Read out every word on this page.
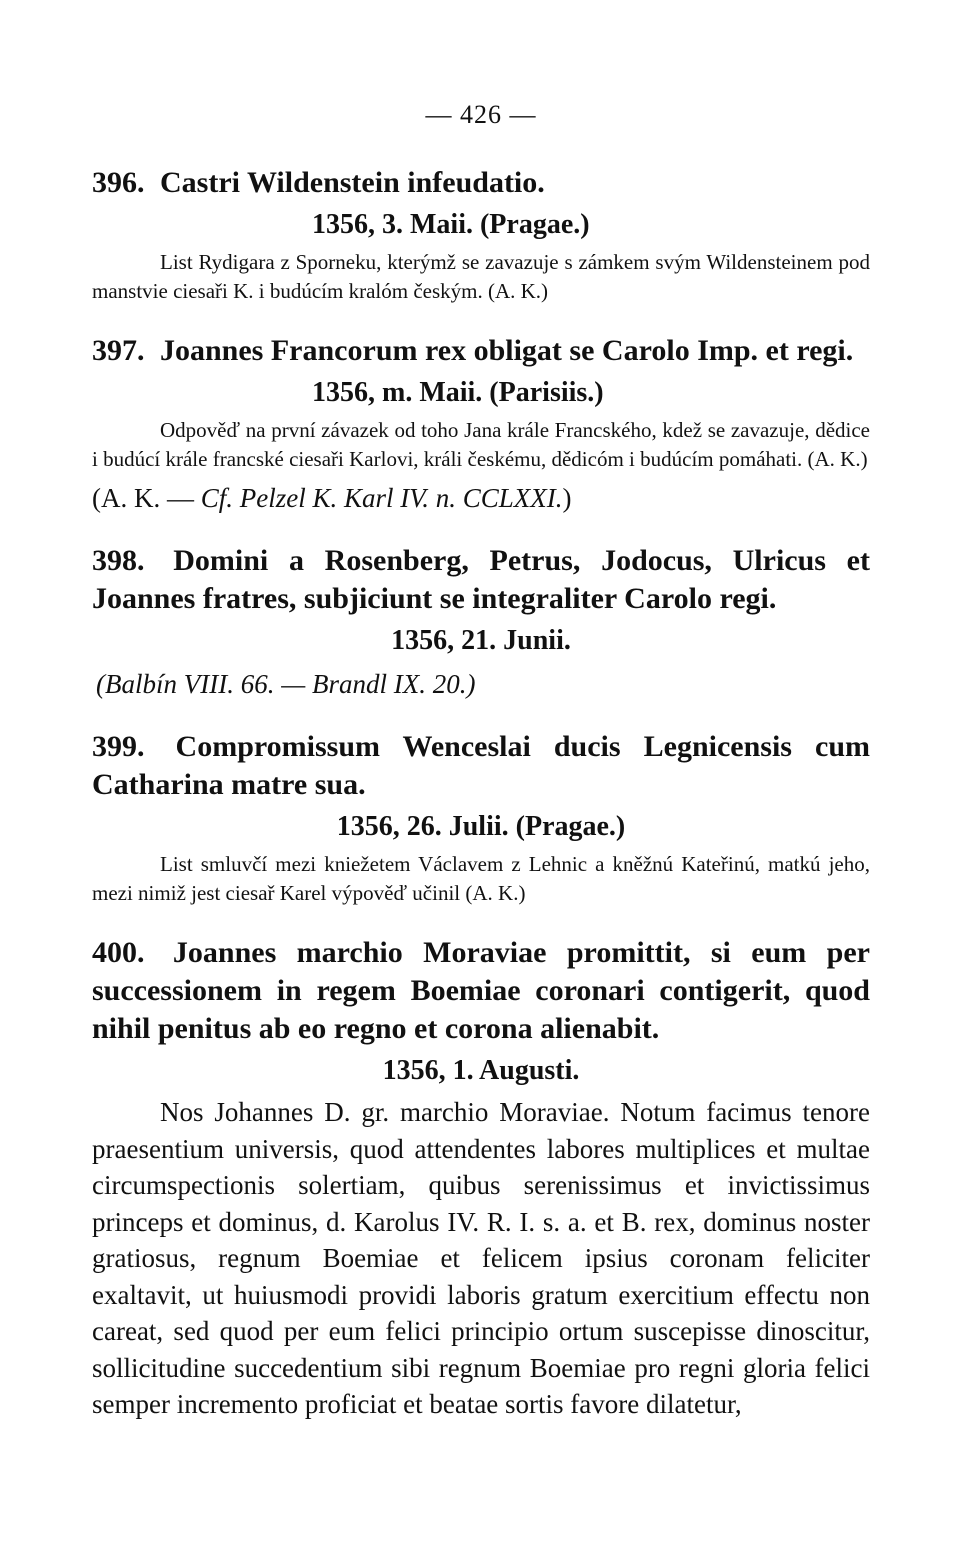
— 426 —
396. Castri Wildenstein infeudatio.
1356, 3. Maii. (Pragae.)
List Rydigara z Sporneku, kterýmž se zavazuje s zámkem svým Wildensteinem pod manstvie ciesaři K. i budúcím kralóm českým. (A. K.)
397. Joannes Francorum rex obligat se Carolo Imp. et regi.
1356, m. Maii. (Parisiis.)
Odpověď na první závazek od toho Jana krále Francského, kdež se zavazuje, dědice i budúcí krále francské ciesaři Karlovi, králi českému, dědicóm i budúcím pomáhati. (A. K.)
(A. K. — Cf. Pelzel K. Karl IV. n. CCLXXI.)
398. Domini a Rosenberg, Petrus, Jodocus, Ulricus et Joannes fratres, subjiciunt se integraliter Carolo regi.
1356, 21. Junii.
(Balbín VIII. 66. — Brandl IX. 20.)
399. Compromissum Wenceslai ducis Legnicensis cum Catharina matre sua.
1356, 26. Julii. (Pragae.)
List smluvčí mezi kniežetem Václavem z Lehnic a kněžnú Kateřinú, matkú jeho, mezi nimiž jest ciesař Karel výpověď učinil (A. K.)
400. Joannes marchio Moraviae promittit, si eum per successionem in regem Boemiae coronari contigerit, quod nihil penitus ab eo regno et corona alienabit.
1356, 1. Augusti.
Nos Johannes D. gr. marchio Moraviae. Notum facimus tenore praesentium universis, quod attendentes labores multiplices et multae circumspectionis solertiam, quibus serenissimus et invictissimus princeps et dominus, d. Karolus IV. R. I. s. a. et B. rex, dominus noster gratiosus, regnum Boemiae et felicem ipsius coronam feliciter exaltavit, ut huiusmodi providi laboris gratum exercitium effectu non careat, sed quod per eum felici principio ortum suscepisse dinoscitur, sollicitudine succedentium sibi regnum Boemiae pro regni gloria felici semper incremento proficiat et beatae sortis favore dilatetur,
